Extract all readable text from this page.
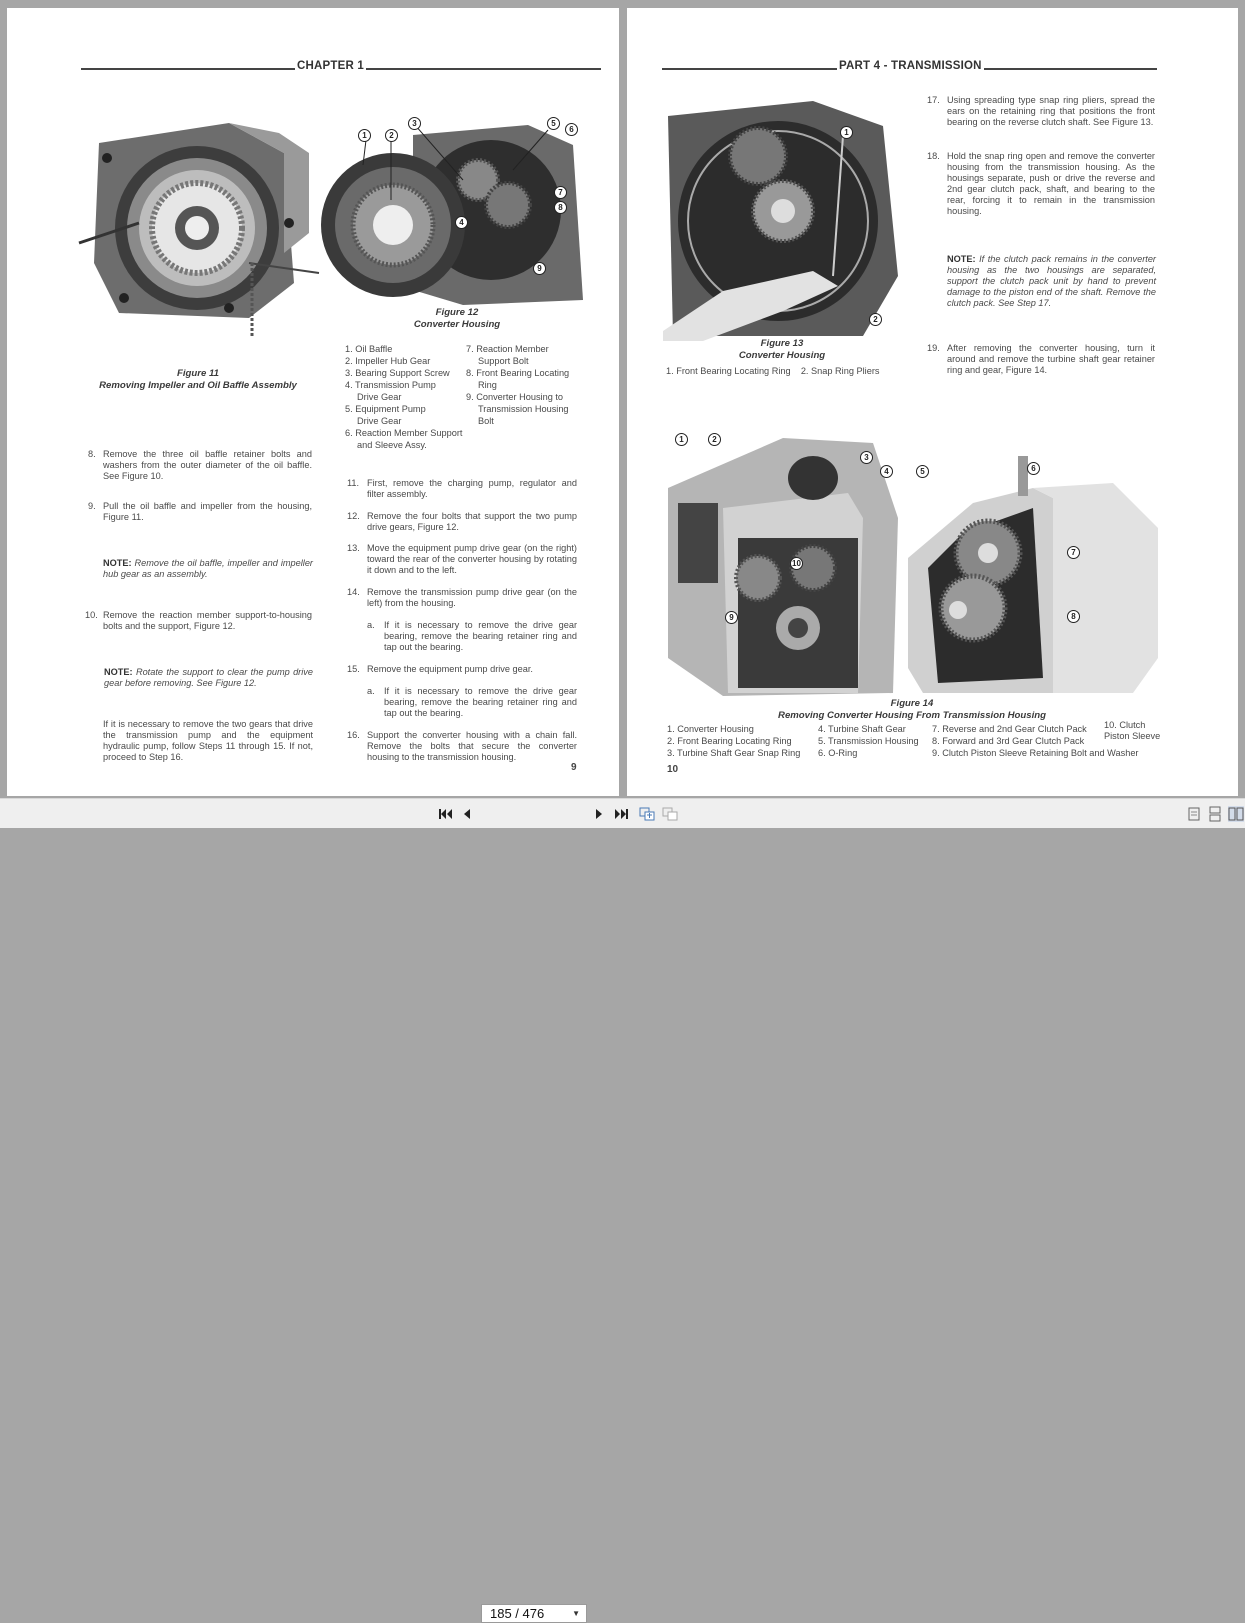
CHAPTER 1
Figure 11
Removing Impeller and Oil Baffle Assembly
1	2
3
4
5
6
7
8
9
Figure 12
Converter Housing
1. Oil Baffle
2. Impeller Hub Gear
3. Bearing Support Screw
4. Transmission Pump
Drive Gear
5. Equipment Pump
Drive Gear
6. Reaction Member Support
and Sleeve Assy.
7. Reaction Member
Support Bolt
8. Front Bearing Locating
Ring
9. Converter Housing to
Transmission Housing
Bolt
8. Remove the three oil baffle retainer bolts and washers from the outer diameter of the oil baffle. See Figure 10.
9. Pull the oil baffle and impeller from the housing, Figure 11.
NOTE: Remove the oil baffle, impeller and impeller hub gear as an assembly.
10. Remove the reaction member support-to-housing bolts and the support, Figure 12.
NOTE: Rotate the support to clear the pump drive gear before removing. See Figure 12.
If it is necessary to remove the two gears that drive the transmission pump and the equipment hydraulic pump, follow Steps 11 through 15. If not, proceed to Step 16.
11. First, remove the charging pump, regulator and filter assembly.
12. Remove the four bolts that support the two pump drive gears, Figure 12.
13. Move the equipment pump drive gear (on the right) toward the rear of the converter housing by rotating it down and to the left.
14. Remove the transmission pump drive gear (on the left) from the housing.
a. If it is necessary to remove the drive gear bearing, remove the bearing retainer ring and tap out the bearing.
15. Remove the equipment pump drive gear.
a. If it is necessary to remove the drive gear bearing, remove the bearing retainer ring and tap out the bearing.
16. Support the converter housing with a chain fall. Remove the bolts that secure the converter housing to the transmission housing.
9
PART 4 - TRANSMISSION
1
2
Figure 13
Converter Housing
1. Front Bearing Locating Ring    2. Snap Ring Pliers
17. Using spreading type snap ring pliers, spread the ears on the retaining ring that positions the front bearing on the reverse clutch shaft. See Figure 13.
18. Hold the snap ring open and remove the converter housing from the transmission housing. As the housings separate, push or drive the reverse and 2nd gear clutch pack, shaft, and bearing to the rear, forcing it to remain in the transmission housing.
NOTE: If the clutch pack remains in the converter housing as the two housings are separated, support the clutch pack unit by hand to prevent damage to the piston end of the shaft. Remove the clutch pack. See Step 17.
19. After removing the converter housing, turn it around and remove the turbine shaft gear retainer ring and gear, Figure 14.
1	2
3
4	5	6
7
8
9
10
Figure 14
Removing Converter Housing From Transmission Housing
1. Converter Housing
2. Front Bearing Locating Ring
3. Turbine Shaft Gear Snap Ring
4. Turbine Shaft Gear
5. Transmission Housing
6. O-Ring
7. Reverse and 2nd Gear Clutch Pack
8. Forward and 3rd Gear Clutch Pack
9. Clutch Piston Sleeve Retaining Bolt and Washer
10. Clutch
Piston Sleeve
10
185 / 476	▼
